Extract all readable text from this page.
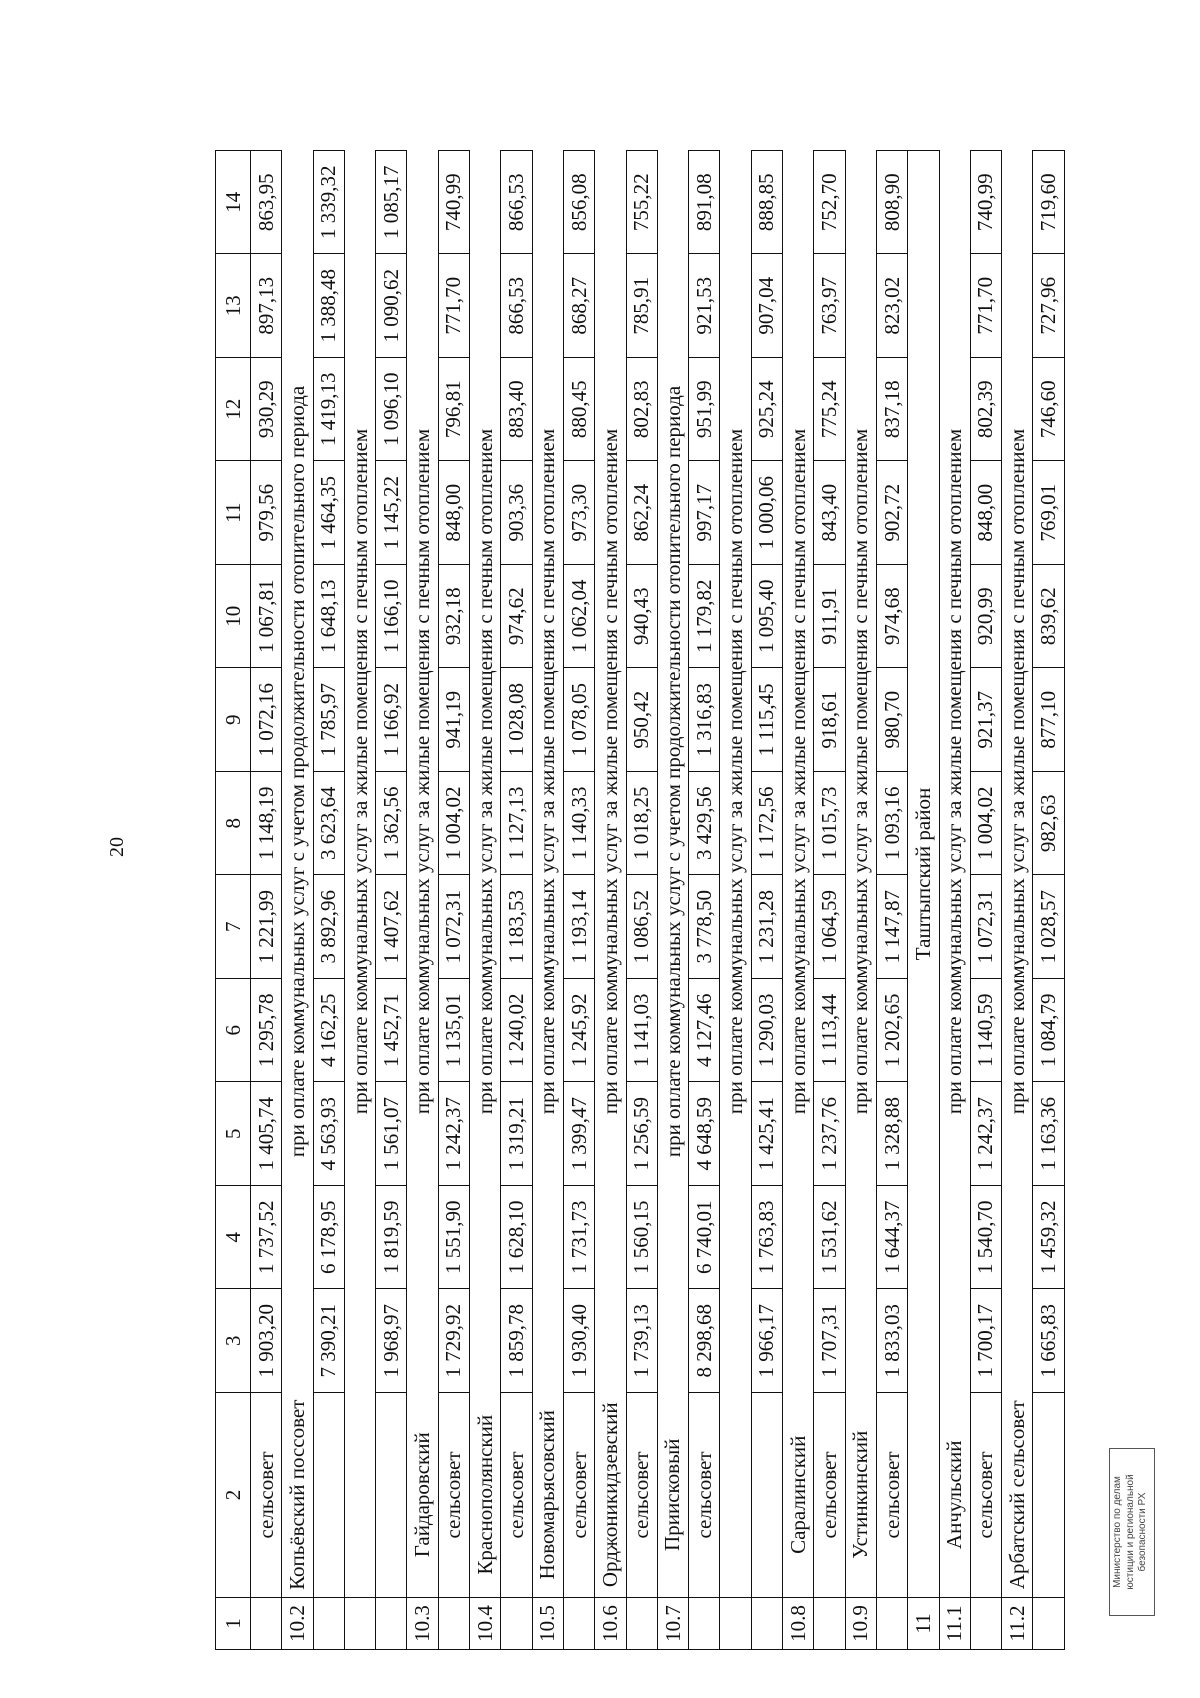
20
1	2	3	4	5	6	7	8	9	10	11	12	13	14
	сельсовет	1 903,20	1 737,52	1 405,74	1 295,78	1 221,99	1 148,19	1 072,16	1 067,81	979,56	930,29	897,13	863,95
10.2	Копьёвский поссовет	при оплате коммунальных услуг с учетом продолжительности отопительного периода											
		7 390,21	6 178,95	4 563,93	4 162,25	3 892,96	3 623,64	1 785,97	1 648,13	1 464,35	1 419,13	1 388,48	1 339,32
		при оплате коммунальных услуг за жилые помещения с печным отоплением											
		1 968,97	1 819,59	1 561,07	1 452,71	1 407,62	1 362,56	1 166,92	1 166,10	1 145,22	1 096,10	1 090,62	1 085,17
10.3	Гайдаровский	при оплате коммунальных услуг за жилые помещения с печным отоплением											
	сельсовет	1 729,92	1 551,90	1 242,37	1 135,01	1 072,31	1 004,02	941,19	932,18	848,00	796,81	771,70	740,99
10.4	Краснополянский	при оплате коммунальных услуг за жилые помещения с печным отоплением											
	сельсовет	1 859,78	1 628,10	1 319,21	1 240,02	1 183,53	1 127,13	1 028,08	974,62	903,36	883,40	866,53	866,53
10.5	Новомарьясовский	при оплате коммунальных услуг за жилые помещения с печным отоплением											
	сельсовет	1 930,40	1 731,73	1 399,47	1 245,92	1 193,14	1 140,33	1 078,05	1 062,04	973,30	880,45	868,27	856,08
10.6	Орджоникидзевский	при оплате коммунальных услуг за жилые помещения с печным отоплением											
	сельсовет	1 739,13	1 560,15	1 256,59	1 141,03	1 086,52	1 018,25	950,42	940,43	862,24	802,83	785,91	755,22
10.7	Приисковый	при оплате коммунальных услуг с учетом продолжительности отопительного периода											
	сельсовет	8 298,68	6 740,01	4 648,59	4 127,46	3 778,50	3 429,56	1 316,83	1 179,82	997,17	951,99	921,53	891,08
		при оплате коммунальных услуг за жилые помещения с печным отоплением											
		1 966,17	1 763,83	1 425,41	1 290,03	1 231,28	1 172,56	1 115,45	1 095,40	1 000,06	925,24	907,04	888,85
10.8	Саралинский	при оплате коммунальных услуг за жилые помещения с печным отоплением											
	сельсовет	1 707,31	1 531,62	1 237,76	1 113,44	1 064,59	1 015,73	918,61	911,91	843,40	775,24	763,97	752,70
10.9	Устинкинский	при оплате коммунальных услуг за жилые помещения с печным отоплением											
	сельсовет	1 833,03	1 644,37	1 328,88	1 202,65	1 147,87	1 093,16	980,70	974,68	902,72	837,18	823,02	808,90
11	Таштыпский район												
11.1	Анчульский	при оплате коммунальных услуг за жилые помещения с печным отоплением											
	сельсовет	1 700,17	1 540,70	1 242,37	1 140,59	1 072,31	1 004,02	921,37	920,99	848,00	802,39	771,70	740,99
11.2	Арбатский сельсовет	при оплате коммунальных услуг за жилые помещения с печным отоплением											
		1 665,83	1 459,32	1 163,36	1 084,79	1 028,57	982,63	877,10	839,62	769,01	746,60	727,96	719,60
Министерство по делам юстиции и региональной безопасности РХ
